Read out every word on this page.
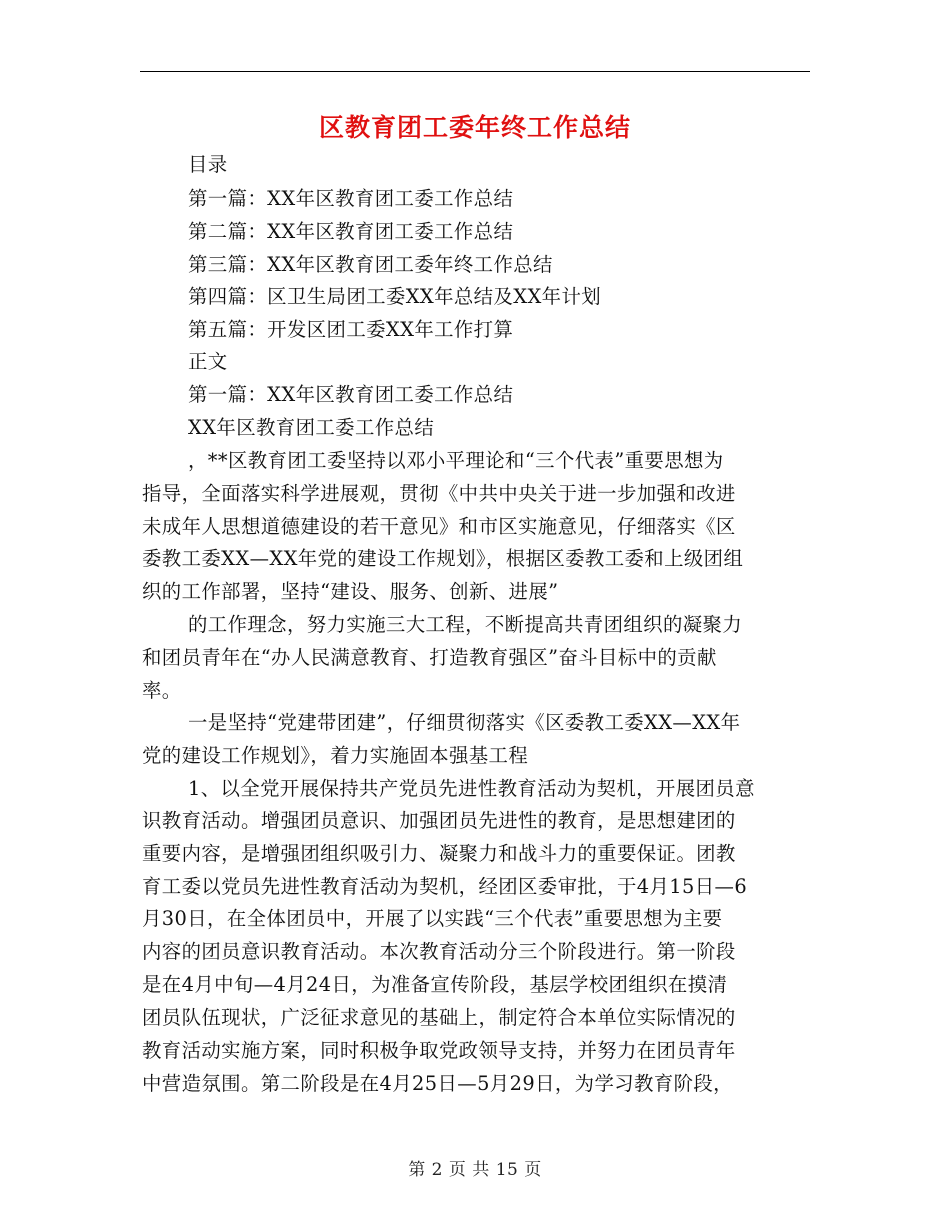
区教育团工委年终工作总结
目录
第一篇：XX年区教育团工委工作总结
第二篇：XX年区教育团工委工作总结
第三篇：XX年区教育团工委年终工作总结
第四篇：区卫生局团工委XX年总结及XX年计划
第五篇：开发区团工委XX年工作打算
正文
第一篇：XX年区教育团工委工作总结
XX年区教育团工委工作总结
，**区教育团工委坚持以邓小平理论和“三个代表”重要思想为
指导，全面落实科学进展观，贯彻《中共中央关于进一步加强和改进
未成年人思想道德建设的若干意见》和市区实施意见，仔细落实《区
委教工委XX—XX年党的建设工作规划》，根据区委教工委和上级团组
织的工作部署，坚持“建设、服务、创新、进展”
的工作理念，努力实施三大工程，不断提高共青团组织的凝聚力
和团员青年在“办人民满意教育、打造教育强区”奋斗目标中的贡献
率。
一是坚持“党建带团建”，仔细贯彻落实《区委教工委XX—XX年
党的建设工作规划》，着力实施固本强基工程
1、以全党开展保持共产党员先进性教育活动为契机，开展团员意
识教育活动。增强团员意识、加强团员先进性的教育，是思想建团的
重要内容，是增强团组织吸引力、凝聚力和战斗力的重要保证。团教
育工委以党员先进性教育活动为契机，经团区委审批，于4月15日—6
月30日，在全体团员中，开展了以实践“三个代表”重要思想为主要
内容的团员意识教育活动。本次教育活动分三个阶段进行。第一阶段
是在4月中旬—4月24日，为准备宣传阶段，基层学校团组织在摸清
团员队伍现状，广泛征求意见的基础上，制定符合本单位实际情况的
教育活动实施方案，同时积极争取党政领导支持，并努力在团员青年
中营造氛围。第二阶段是在4月25日—5月29日，为学习教育阶段，
第 2 页 共 15 页
